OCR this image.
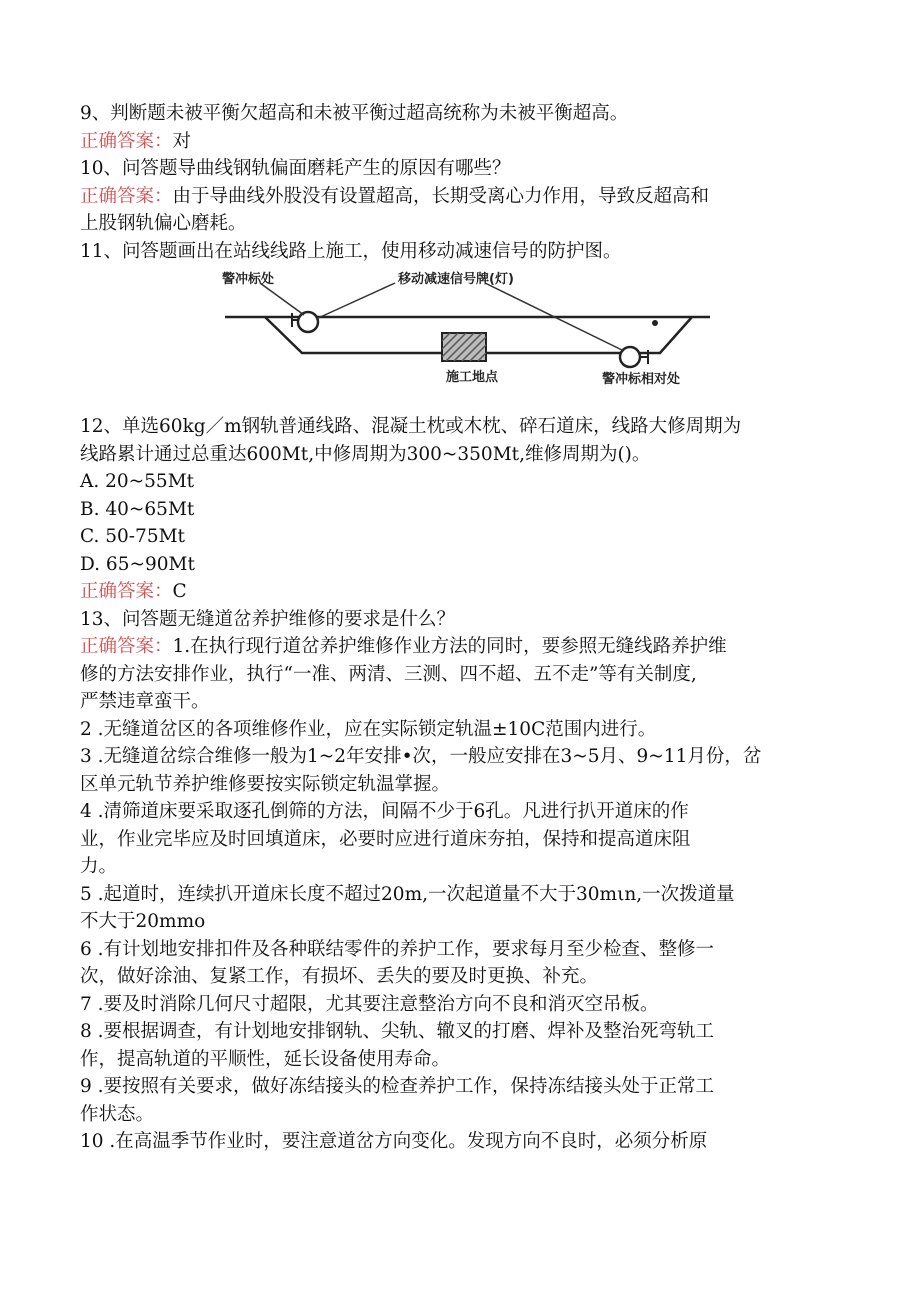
9、判断题未被平衡欠超高和未被平衡过超高统称为未被平衡超高。
正确答案：对
10、问答题导曲线钢轨偏面磨耗产生的原因有哪些？
正确答案：由于导曲线外股没有设置超高，长期受离心力作用，导致反超高和
上股钢轨偏心磨耗。
11、问答题画出在站线线路上施工，使用移动减速信号的防护图。
警冲标处	移动减速信号牌(灯)
施工地点	警冲标相对处
12、单选60kg／m钢轨普通线路、混凝土枕或木枕、碎石道床，线路大修周期为
线路累计通过总重达600Mt,中修周期为300~350Mt,维修周期为()。
A. 20~55Mt
B. 40~65Mt
C. 50-75Mt
D. 65~90Mt
正确答案：C
13、问答题无缝道岔养护维修的要求是什么？
正确答案：1.在执行现行道岔养护维修作业方法的同时，要参照无缝线路养护维
修的方法安排作业，执行“一准、两清、三测、四不超、五不走”等有关制度,
严禁违章蛮干。
2 .无缝道岔区的各项维修作业，应在实际锁定轨温±10C范围内进行。
3 .无缝道岔综合维修一般为1~2年安排•次，一般应安排在3~5月、9~11月份，岔
区单元轨节养护维修要按实际锁定轨温掌握。
4 .清筛道床要采取逐孔倒筛的方法，间隔不少于6孔。凡进行扒开道床的作
业，作业完毕应及时回填道床，必要时应进行道床夯拍，保持和提高道床阻
力。
5 .起道时，连续扒开道床长度不超过20m,一次起道量不大于30mιn,一次拨道量
不大于20mmo
6 .有计划地安排扣件及各种联结零件的养护工作，要求每月至少检查、整修一
次，做好涂油、复紧工作，有损坏、丢失的要及时更换、补充。
7 .要及时消除几何尺寸超限，尤其要注意整治方向不良和消灭空吊板。
8 .要根据调查，有计划地安排钢轨、尖轨、辙叉的打磨、焊补及整治死弯轨工
作，提高轨道的平顺性，延长设备使用寿命。
9 .要按照有关要求，做好冻结接头的检查养护工作，保持冻结接头处于正常工
作状态。
10 .在高温季节作业时，要注意道岔方向变化。发现方向不良时，必须分析原
